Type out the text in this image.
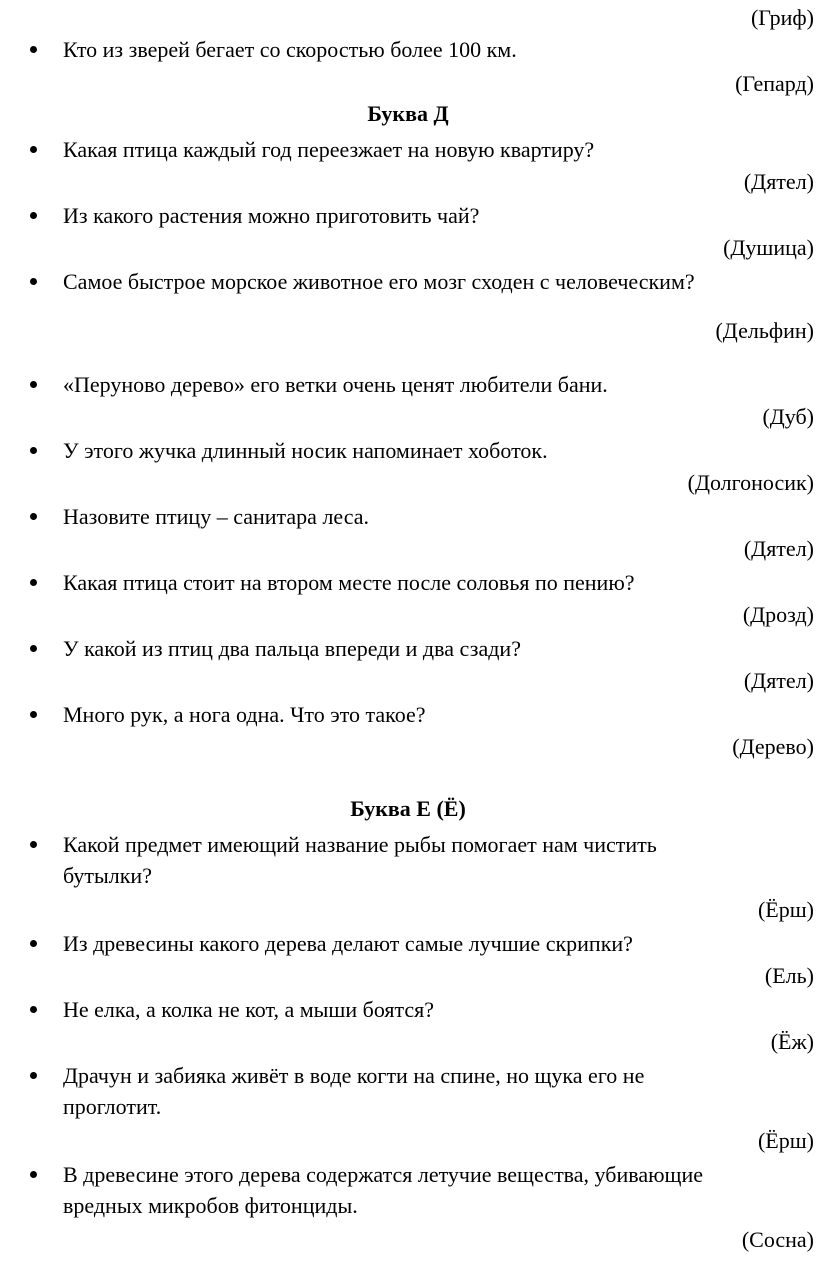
(Гриф)
Кто из зверей бегает со скоростью более 100 км.
(Гепард)
Буква Д
Какая птица каждый год переезжает на новую квартиру?
(Дятел)
Из какого растения можно приготовить чай?
(Душица)
Самое быстрое морское животное его мозг сходен с человеческим?
(Дельфин)
«Перуново дерево» его ветки очень ценят любители бани.
(Дуб)
У этого жучка длинный носик напоминает хоботок.
(Долгоносик)
Назовите птицу – санитара леса.
(Дятел)
Какая птица стоит на втором месте после соловья по пению?
(Дрозд)
У какой из птиц два пальца впереди и два сзади?
(Дятел)
Много рук, а нога одна. Что это такое?
(Дерево)
Буква Е (Ё)
Какой предмет имеющий название рыбы помогает нам чистить
бутылки?
(Ёрш)
Из древесины какого дерева делают самые лучшие скрипки?
(Ель)
Не елка, а колка не кот, а мыши боятся?
(Ёж)
Драчун и забияка живёт в воде когти на спине, но щука его не
проглотит.
(Ёрш)
В древесине этого дерева содержатся летучие вещества, убивающие
вредных микробов фитонциды.
(Сосна)
